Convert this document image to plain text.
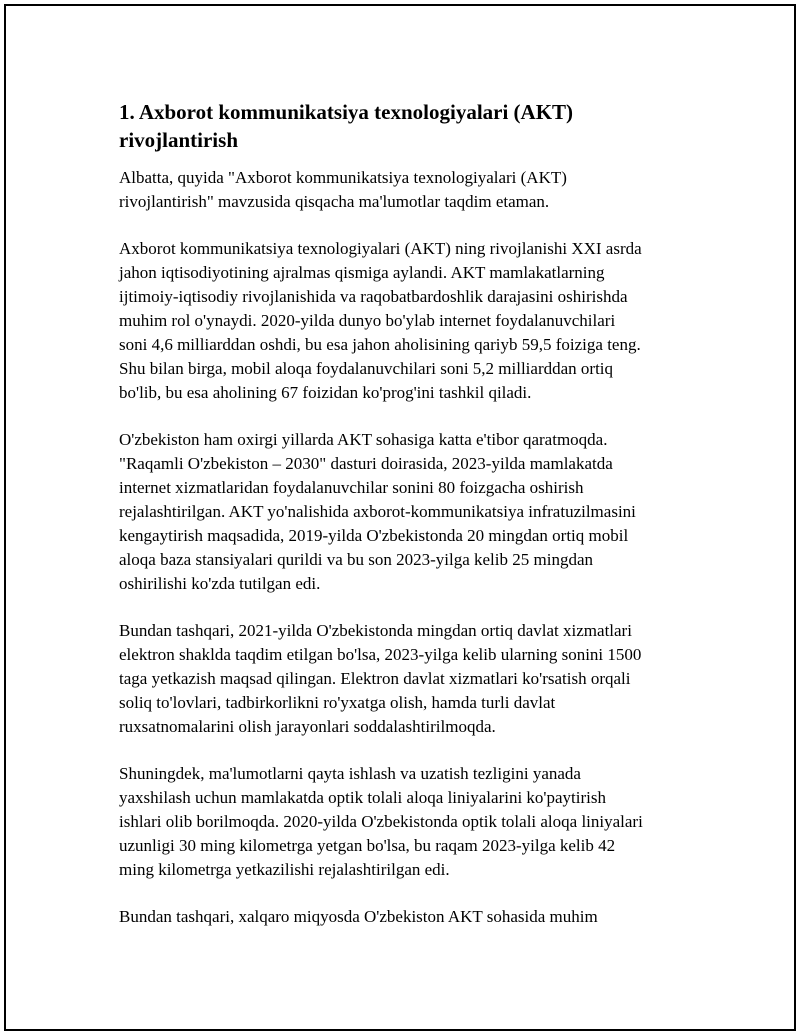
1. Axborot kommunikatsiya texnologiyalari (AKT)
rivojlantirish

Albatta, quyida "Axborot kommunikatsiya texnologiyalari (AKT)
rivojlantirish" mavzusida qisqacha ma'lumotlar taqdim etaman.

Axborot kommunikatsiya texnologiyalari (AKT) ning rivojlanishi XXI asrda
jahon iqtisodiyotining ajralmas qismiga aylandi. AKT mamlakatlarning
ijtimoiy-iqtisodiy rivojlanishida va raqobatbardoshlik darajasini oshirishda
muhim rol o'ynaydi. 2020-yilda dunyo bo'ylab internet foydalanuvchilari
soni 4,6 milliarddan oshdi, bu esa jahon aholisining qariyb 59,5 foiziga teng.
Shu bilan birga, mobil aloqa foydalanuvchilari soni 5,2 milliarddan ortiq
bo'lib, bu esa aholining 67 foizidan ko'prog'ini tashkil qiladi.

O'zbekiston ham oxirgi yillarda AKT sohasiga katta e'tibor qaratmoqda.
"Raqamli O'zbekiston – 2030" dasturi doirasida, 2023-yilda mamlakatda
internet xizmatlaridan foydalanuvchilar sonini 80 foizgacha oshirish
rejalashtirilgan. AKT yo'nalishida axborot-kommunikatsiya infratuzilmasini
kengaytirish maqsadida, 2019-yilda O'zbekistonda 20 mingdan ortiq mobil
aloqa baza stansiyalari qurildi va bu son 2023-yilga kelib 25 mingdan
oshirilishi ko'zda tutilgan edi.

Bundan tashqari, 2021-yilda O'zbekistonda mingdan ortiq davlat xizmatlari
elektron shakldа taqdim etilgan bo'lsa, 2023-yilga kelib ularning sonini 1500
taga yetkazish maqsad qilingan. Elektron davlat xizmatlari ko'rsatish orqali
soliq to'lovlari, tadbirkorlikni ro'yxatga olish, hamda turli davlat
ruxsatnomalarini olish jarayonlari soddalashtirilmoqda.

Shuningdek, ma'lumotlarni qayta ishlash va uzatish tezligini yanada
yaxshilash uchun mamlakatda optik tolali aloqa liniyalarini ko'paytirish
ishlari olib borilmoqda. 2020-yilda O'zbekistonda optik tolali aloqa liniyalari
uzunligi 30 ming kilometrga yetgan bo'lsa, bu raqam 2023-yilga kelib 42
ming kilometrga yetkazilishi rejalashtirilgan edi.

Bundan tashqari, xalqaro miqyosda O'zbekiston AKT sohasida muhim
